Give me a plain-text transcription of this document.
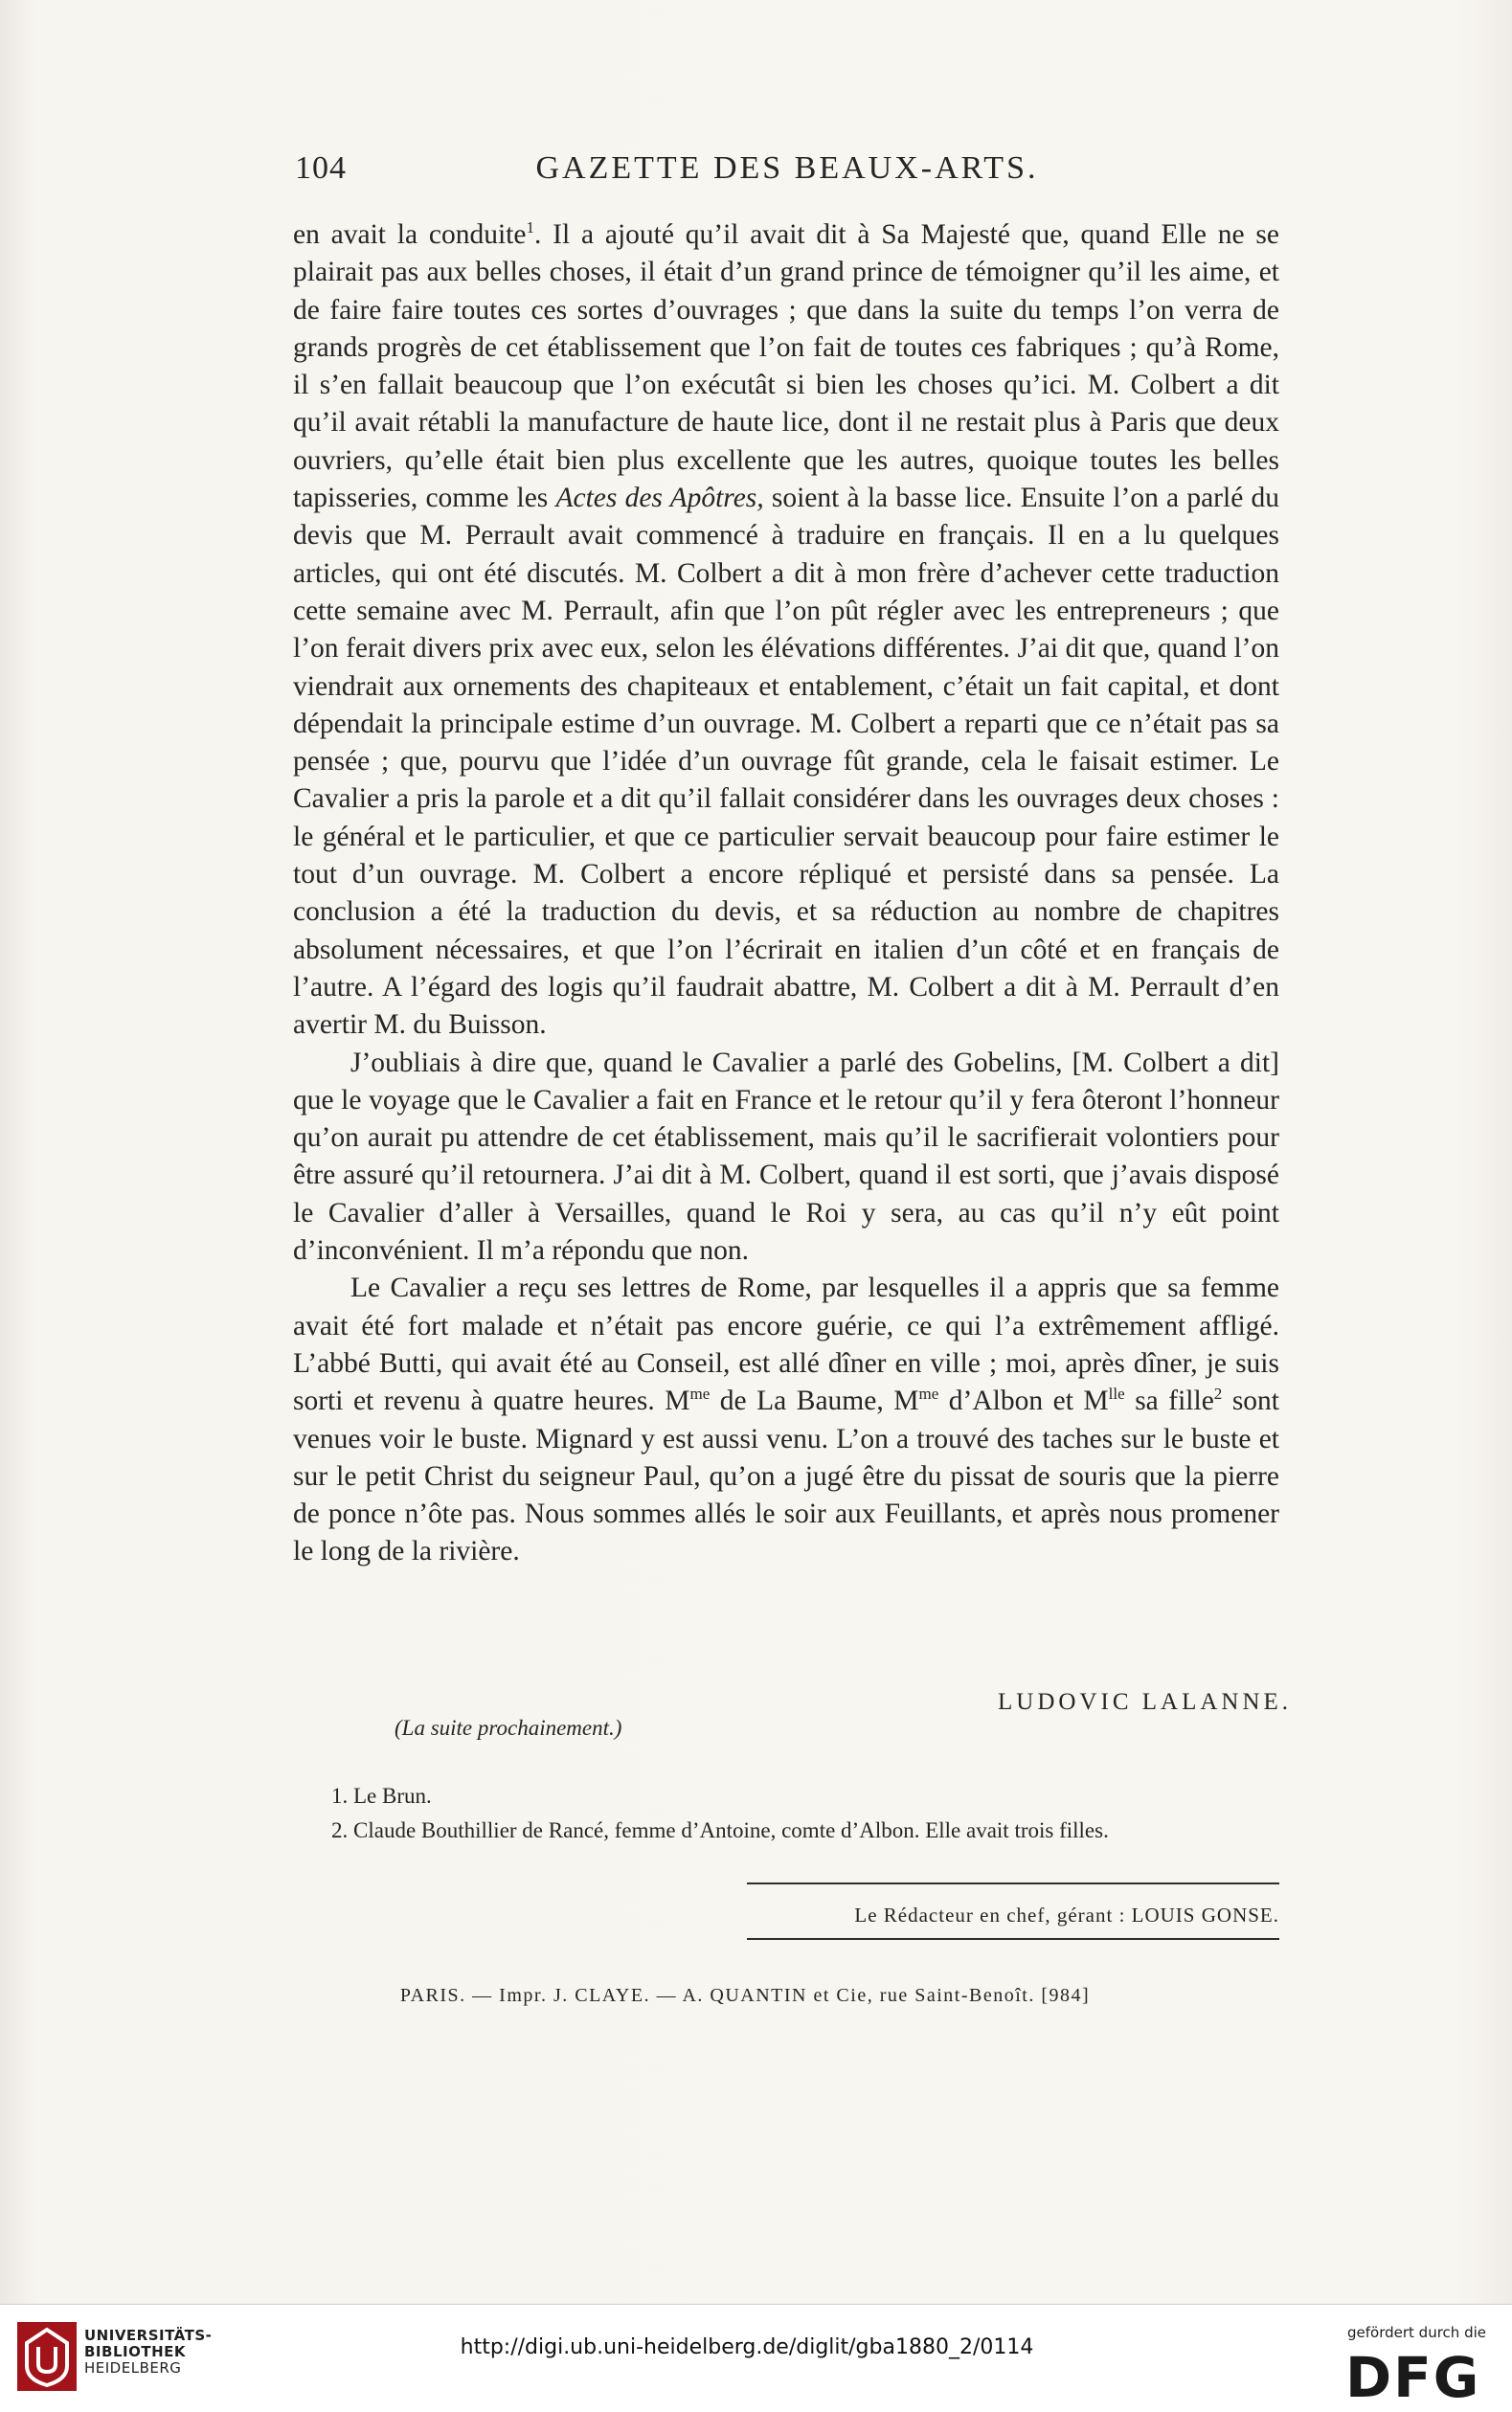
104	GAZETTE DES BEAUX-ARTS.

en avait la conduite$^1$. Il a ajouté qu’il avait dit à Sa Majesté que, quand Elle ne se plairait pas aux belles choses, il était d’un grand prince de témoigner qu’il les aime, et de faire faire toutes ces sortes d’ouvrages ; que dans la suite du temps l’on verra de grands progrès de cet établissement que l’on fait de toutes ces fabriques ; qu’à Rome, il s’en fallait beaucoup que l’on exécutât si bien les choses qu’ici. M. Colbert a dit qu’il avait rétabli la manufacture de haute lice, dont il ne restait plus à Paris que deux ouvriers, qu’elle était bien plus excellente que les autres, quoique toutes les belles tapisseries, comme les Actes des Apôtres, soient à la basse lice. Ensuite l’on a parlé du devis que M. Perrault avait commencé à traduire en français. Il en a lu quelques articles, qui ont été discutés. M. Colbert a dit à mon frère d’achever cette traduction cette semaine avec M. Perrault, afin que l’on pût régler avec les entrepreneurs ; que l’on ferait divers prix avec eux, selon les élévations différentes. J’ai dit que, quand l’on viendrait aux ornements des chapiteaux et entablement, c’était un fait capital, et dont dépendait la principale estime d’un ouvrage. M. Colbert a reparti que ce n’était pas sa pensée ; que, pourvu que l’idée d’un ouvrage fût grande, cela le faisait estimer. Le Cavalier a pris la parole et a dit qu’il fallait considérer dans les ouvrages deux choses : le général et le particulier, et que ce particulier servait beaucoup pour faire estimer le tout d’un ouvrage. M. Colbert a encore répliqué et persisté dans sa pensée. La conclusion a été la traduction du devis, et sa réduction au nombre de chapitres absolument nécessaires, et que l’on l’écrirait en italien d’un côté et en français de l’autre. A l’égard des logis qu’il faudrait abattre, M. Colbert a dit à M. Perrault d’en avertir M. du Buisson.

J’oubliais à dire que, quand le Cavalier a parlé des Gobelins, [M. Colbert a dit] que le voyage que le Cavalier a fait en France et le retour qu’il y fera ôteront l’honneur qu’on aurait pu attendre de cet établissement, mais qu’il le sacrifierait volontiers pour être assuré qu’il retournera. J’ai dit à M. Colbert, quand il est sorti, que j’avais disposé le Cavalier d’aller à Versailles, quand le Roi y sera, au cas qu’il n’y eût point d’inconvénient. Il m’a répondu que non.

Le Cavalier a reçu ses lettres de Rome, par lesquelles il a appris que sa femme avait été fort malade et n’était pas encore guérie, ce qui l’a extrêmement affligé. L’abbé Butti, qui avait été au Conseil, est allé dîner en ville ; moi, après dîner, je suis sorti et revenu à quatre heures. $M^{me}$ de La Baume, $M^{me}$ d’Albon et $M^{lle}$ sa fille$^2$ sont venues voir le buste. Mignard y est aussi venu. L’on a trouvé des taches sur le buste et sur le petit Christ du seigneur Paul, qu’on a jugé être du pissat de souris que la pierre de ponce n’ôte pas. Nous sommes allés le soir aux Feuillants, et après nous promener le long de la rivière.

LUDOVIC LALANNE.
(La suite prochainement.)
1. Le Brun.
2. Claude Bouthillier de Rancé, femme d’Antoine, comte d’Albon. Elle avait trois filles.
Le Rédacteur en chef, gérant : LOUIS GONSE.
PARIS. — Impr. J. CLAYE. — A. QUANTIN et Cie, rue Saint-Benoît. [984]
UNIVERSITÄTS-
BIBLIOTHEK
HEIDELBERG
http://digi.ub.uni-heidelberg.de/diglit/gba1880_2/0114
gefördert durch die
DFG
